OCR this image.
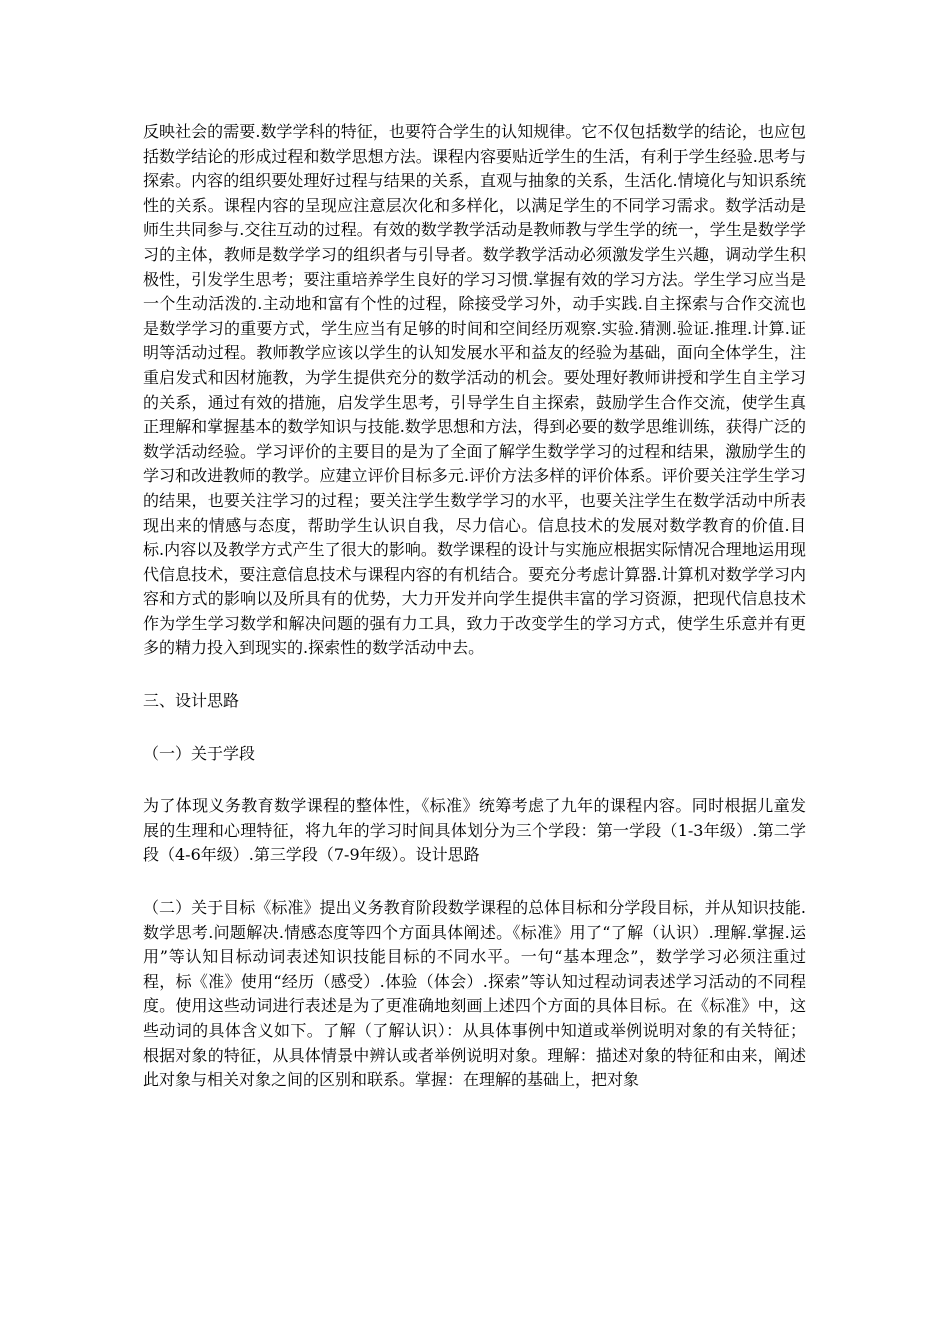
反映社会的需要.数学学科的特征，也要符合学生的认知规律。它不仅包括数学的结论，也应包括数学结论的形成过程和数学思想方法。课程内容要贴近学生的生活，有利于学生经验.思考与探索。内容的组织要处理好过程与结果的关系，直观与抽象的关系，生活化.情境化与知识系统性的关系。课程内容的呈现应注意层次化和多样化，以满足学生的不同学习需求。数学活动是师生共同参与.交往互动的过程。有效的数学教学活动是教师教与学生学的统一，学生是数学学习的主体，教师是数学学习的组织者与引导者。数学教学活动必须激发学生兴趣，调动学生积极性，引发学生思考；要注重培养学生良好的学习习惯.掌握有效的学习方法。学生学习应当是一个生动活泼的.主动地和富有个性的过程，除接受学习外，动手实践.自主探索与合作交流也是数学学习的重要方式，学生应当有足够的时间和空间经历观察.实验.猜测.验证.推理.计算.证明等活动过程。教师教学应该以学生的认知发展水平和益友的经验为基础，面向全体学生，注重启发式和因材施教，为学生提供充分的数学活动的机会。要处理好教师讲授和学生自主学习的关系，通过有效的措施，启发学生思考，引导学生自主探索，鼓励学生合作交流，使学生真正理解和掌握基本的数学知识与技能.数学思想和方法，得到必要的数学思维训练，获得广泛的数学活动经验。学习评价的主要目的是为了全面了解学生数学学习的过程和结果，激励学生的学习和改进教师的教学。应建立评价目标多元.评价方法多样的评价体系。评价要关注学生学习的结果，也要关注学习的过程；要关注学生数学学习的水平，也要关注学生在数学活动中所表现出来的情感与态度，帮助学生认识自我，尽力信心。信息技术的发展对数学教育的价值.目标.内容以及教学方式产生了很大的影响。数学课程的设计与实施应根据实际情况合理地运用现代信息技术，要注意信息技术与课程内容的有机结合。要充分考虑计算器.计算机对数学学习内容和方式的影响以及所具有的优势，大力开发并向学生提供丰富的学习资源，把现代信息技术作为学生学习数学和解决问题的强有力工具，致力于改变学生的学习方式，使学生乐意并有更多的精力投入到现实的.探索性的数学活动中去。

三、设计思路

（一）关于学段

为了体现义务教育数学课程的整体性，《标准》统筹考虑了九年的课程内容。同时根据儿童发展的生理和心理特征，将九年的学习时间具体划分为三个学段：第一学段（1-3年级）.第二学段（4-6年级）.第三学段（7-9年级）。设计思路

（二）关于目标《标准》提出义务教育阶段数学课程的总体目标和分学段目标，并从知识技能.数学思考.问题解决.情感态度等四个方面具体阐述。《标准》用了“了解（认识）.理解.掌握.运用”等认知目标动词表述知识技能目标的不同水平。一句“基本理念”，数学学习必须注重过程，标《准》使用“经历（感受）.体验（体会）.探索”等认知过程动词表述学习活动的不同程度。使用这些动词进行表述是为了更准确地刻画上述四个方面的具体目标。在《标准》中，这些动词的具体含义如下。了解（了解认识）：从具体事例中知道或举例说明对象的有关特征；根据对象的特征，从具体情景中辨认或者举例说明对象。理解：描述对象的特征和由来，阐述此对象与相关对象之间的区别和联系。掌握：在理解的基础上，把对象
